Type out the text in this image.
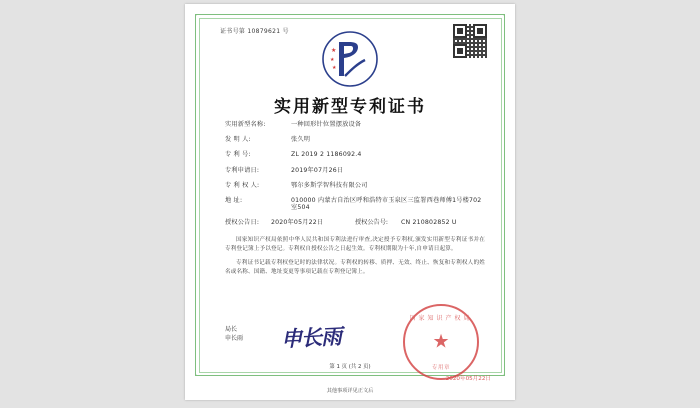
证书号第 10879621 号
★
★
★
实用新型专利证书
实用新型名称:	一种回形针位置摆放设备
发 明 人:	张久明
专 利 号:	ZL 2019 2 1186092.4
专利申请日:	2019年07月26日
专 利 权 人:	鄂尔多斯学智科技有限公司
地 址:	010000 内蒙古自治区呼和浩特市玉泉区三监署西巷师傅1号楼702室504
授权公告日:	2020年05月22日	授权公告号:	CN 210802852 U

国家知识产权局依照中华人民共和国专利法进行审查,决定授予专利权,颁发实用新型专利证书并在专利登记簿上予以登记。专利权自授权公告之日起生效。专利权期限为十年,自申请日起算。

专利证书记载专利权登记时的法律状况。专利权的转移、质押、无效、终止、恢复和专利权人的姓名或名称、国籍、地址变更等事项记载在专利登记簿上。

局长
申长雨 申长雨
国家知识产权局
★
专用章
2020年05月22日
第 1 页 (共 2 页)
其他事项详见正文后
